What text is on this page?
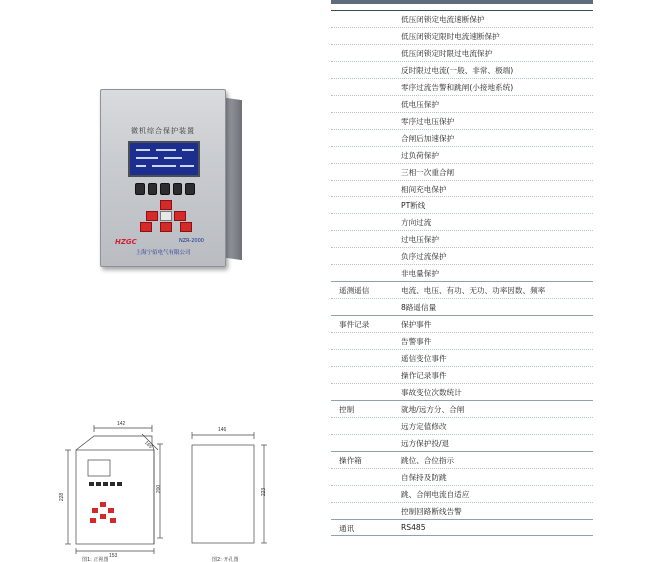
微机综合保护装置
HZGC	NZR-2000
上海宁佰电气有限公司
142
165
200
228
153
图1: 正视图
146
223
图2: 开孔图
低压闭锁定电流速断保护
低压闭锁定限时电流速断保护
低压闭锁定时限过电流保护
反时限过电流(一般、非常、极端)
零序过流告警和跳闸(小接地系统)
低电压保护
零序过电压保护
合闸后加速保护
过负荷保护
三相一次重合闸
相间充电保护
PT断线
方向过流
过电压保护
负序过流保护
非电量保护
遥测遥信	电流、电压、有功、无功、功率因数、频率
8路遥信量
事件记录	保护事件
告警事件
遥信变位事件
操作记录事件
事故变位次数统计
控制	就地/远方分、合闸
远方定值修改
远方保护投/退
操作箱	跳位、合位指示
自保持及防跳
跳、合闸电流自适应
控制回路断线告警
通讯	RS485
